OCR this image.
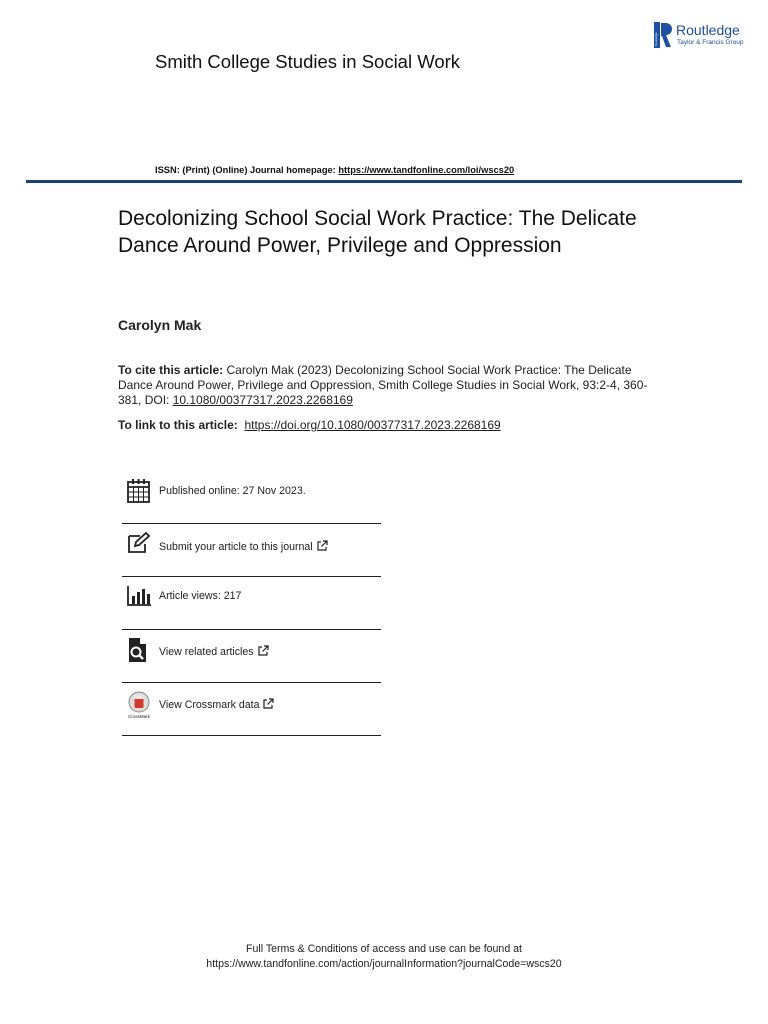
Smith College Studies in Social Work
Routledge
Routledge
Taylor & Francis Group
ISSN: (Print) (Online) Journal homepage: https://www.tandfonline.com/loi/wscs20
Decolonizing School Social Work Practice: The Delicate Dance Around Power, Privilege and Oppression
Carolyn Mak
To cite this article: Carolyn Mak (2023) Decolonizing School Social Work Practice: The Delicate Dance Around Power, Privilege and Oppression, Smith College Studies in Social Work, 93:2-4, 360-381, DOI: 10.1080/00377317.2023.2268169
To link to this article: https://doi.org/10.1080/00377317.2023.2268169
Published online: 27 Nov 2023.
Submit your article to this journal
Article views: 217
View related articles
CrossMark
View Crossmark data
Full Terms & Conditions of access and use can be found at
https://www.tandfonline.com/action/journalInformation?journalCode=wscs20
